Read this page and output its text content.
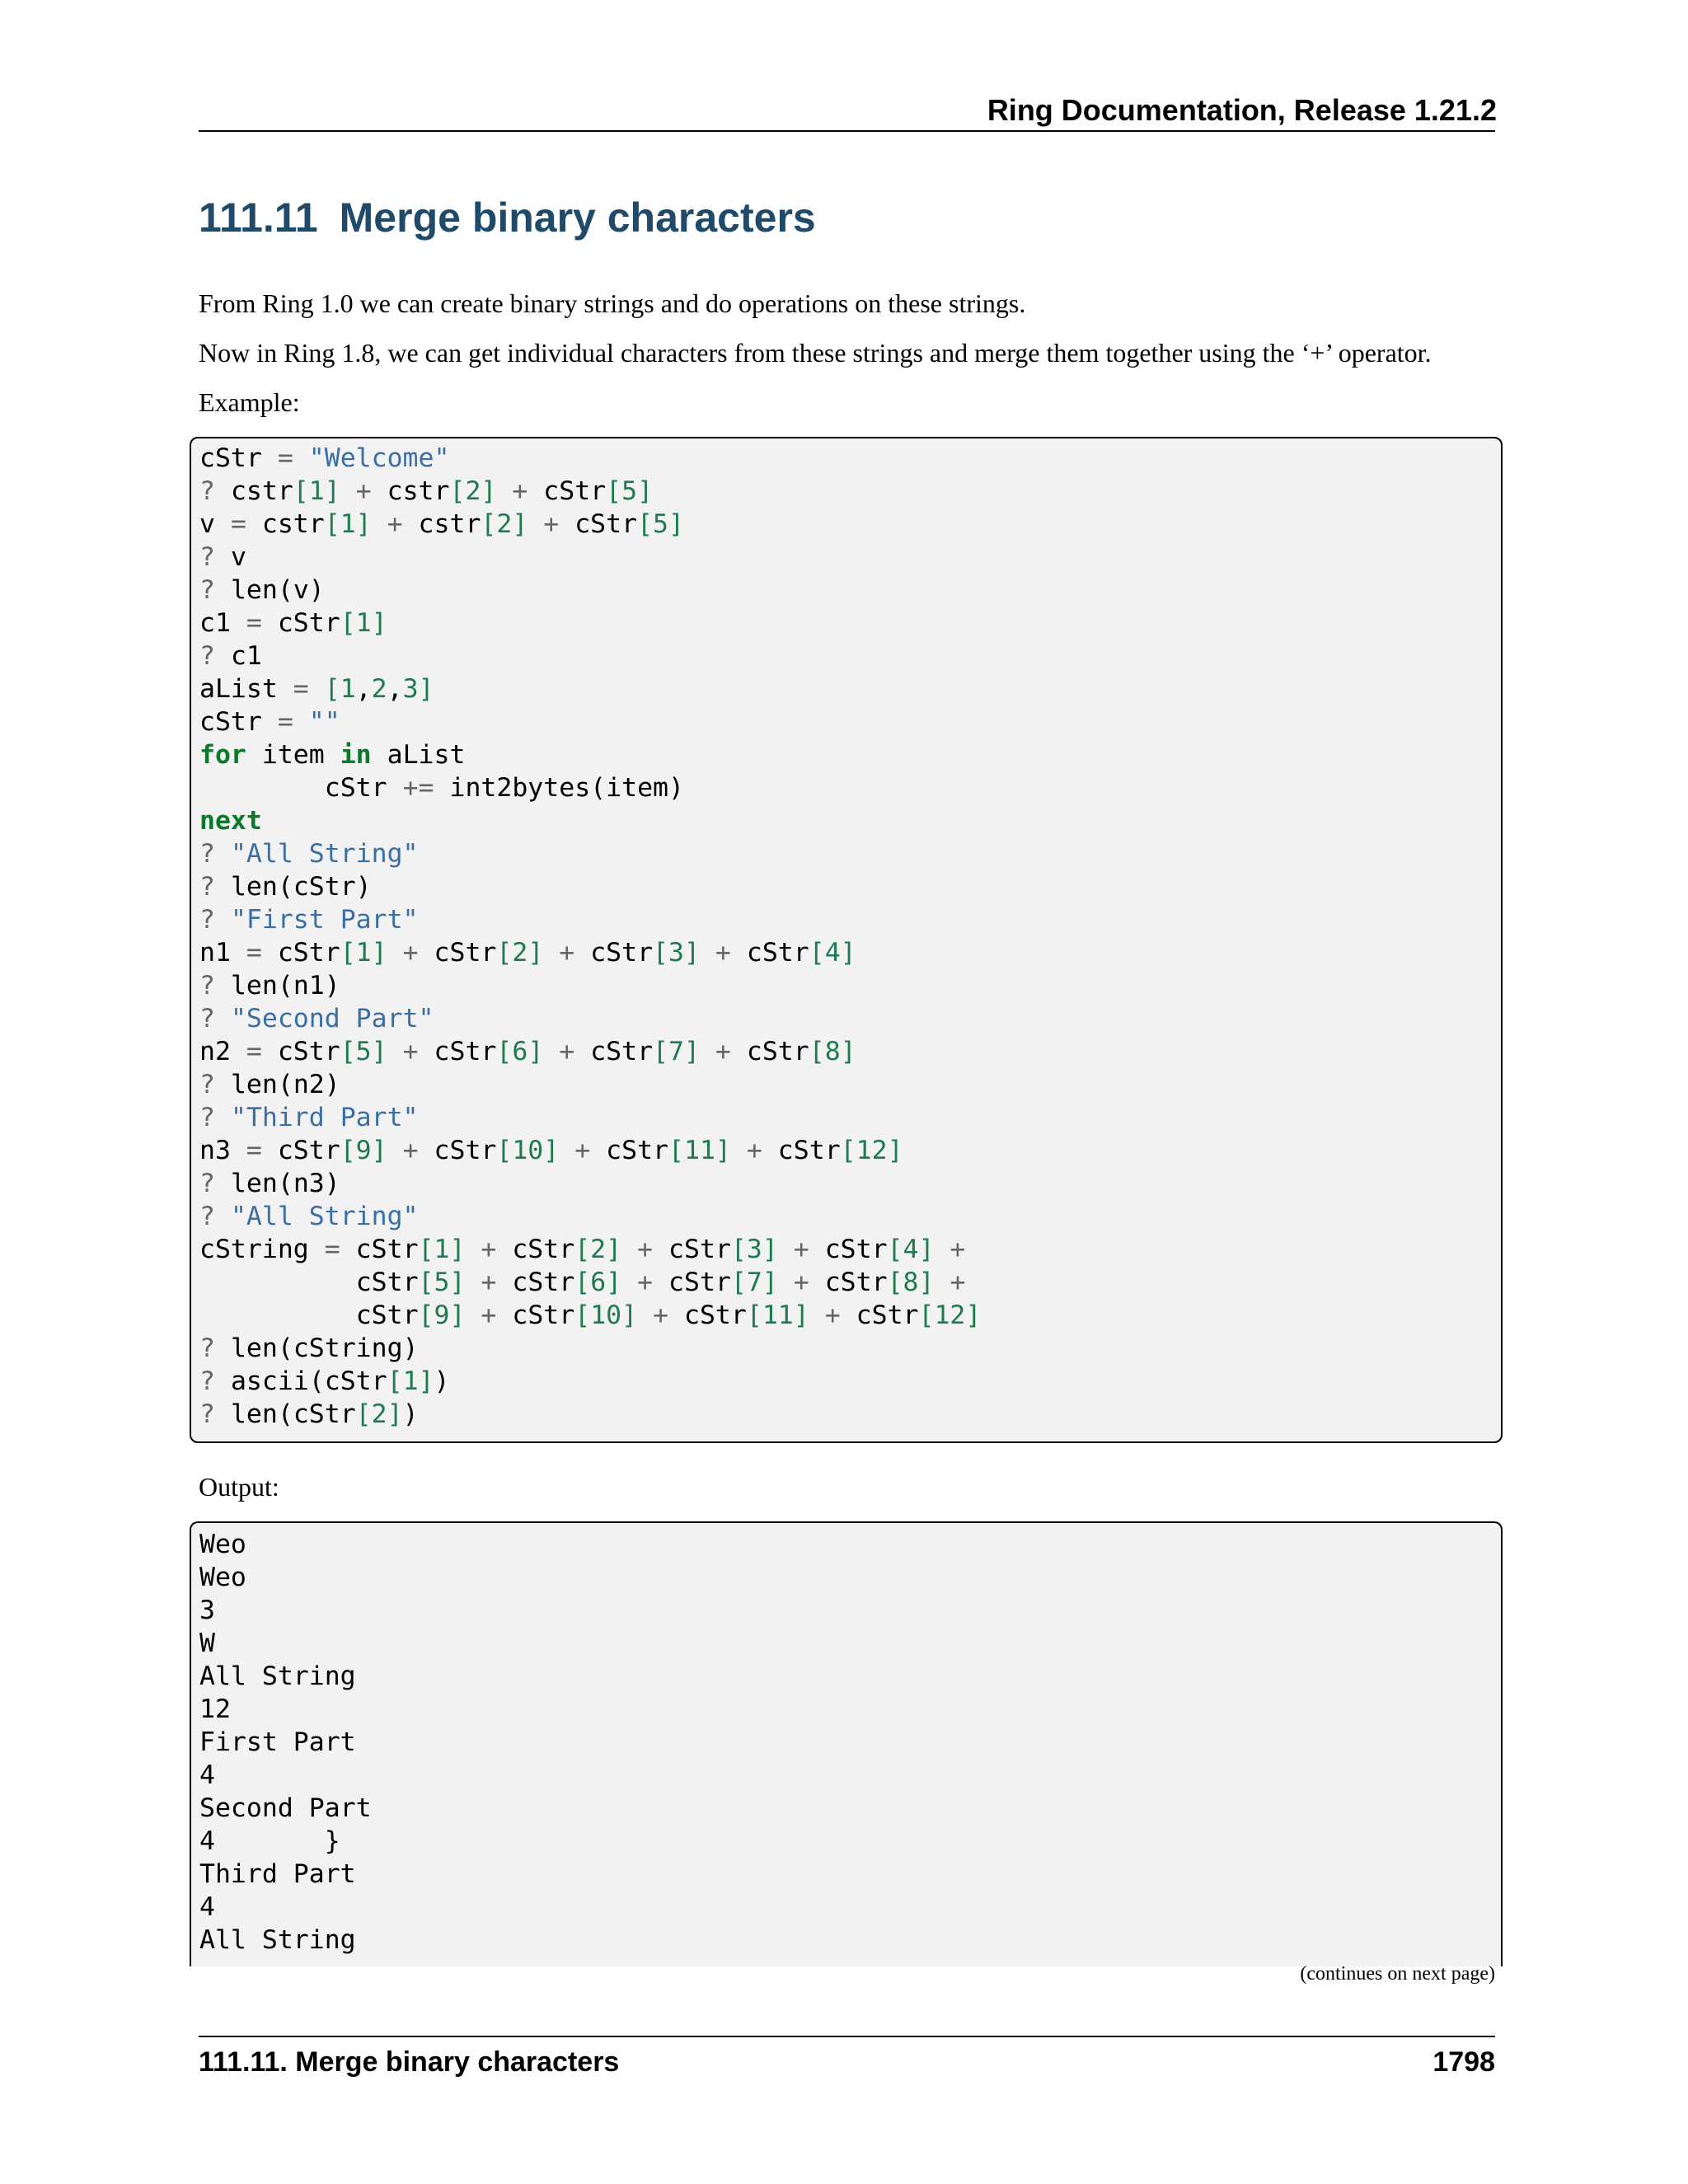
Ring Documentation, Release 1.21.2
111.11 Merge binary characters

From Ring 1.0 we can create binary strings and do operations on these strings.

Now in Ring 1.8, we can get individual characters from these strings and merge them together using the ‘+’ operator.

Example:

cStr = "Welcome"
? cstr[1] + cstr[2] + cStr[5]
v = cstr[1] + cstr[2] + cStr[5]
? v
? len(v)
c1 = cStr[1]
? c1
aList = [1,2,3]
cStr = ""
for item in aList
cStr += int2bytes(item)
next
? "All String"
? len(cStr)
? "First Part"
n1 = cStr[1] + cStr[2] + cStr[3] + cStr[4]
? len(n1)
? "Second Part"
n2 = cStr[5] + cStr[6] + cStr[7] + cStr[8]
? len(n2)
? "Third Part"
n3 = cStr[9] + cStr[10] + cStr[11] + cStr[12]
? len(n3)
? "All String"
cString = cStr[1] + cStr[2] + cStr[3] + cStr[4] +
cStr[5] + cStr[6] + cStr[7] + cStr[8] +
cStr[9] + cStr[10] + cStr[11] + cStr[12]
? len(cString)
? ascii(cStr[1])
? len(cStr[2])

Output:

Weo
Weo
3
W
All String
12
First Part
4
Second Part
4       }
Third Part
4
All String
(continues on next page)
111.11. Merge binary characters	1798
